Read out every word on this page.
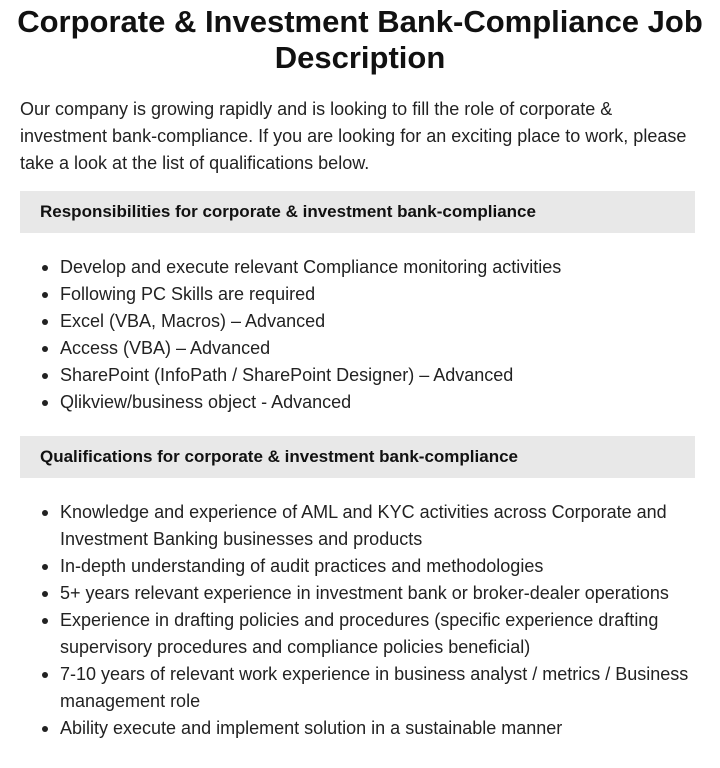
Corporate & Investment Bank-Compliance Job Description

Our company is growing rapidly and is looking to fill the role of corporate & investment bank-compliance. If you are looking for an exciting place to work, please take a look at the list of qualifications below.

Responsibilities for corporate & investment bank-compliance
Develop and execute relevant Compliance monitoring activities
Following PC Skills are required
Excel (VBA, Macros) – Advanced
Access (VBA) – Advanced
SharePoint (InfoPath / SharePoint Designer) – Advanced
Qlikview/business object - Advanced
Qualifications for corporate & investment bank-compliance
Knowledge and experience of AML and KYC activities across Corporate and Investment Banking businesses and products
In-depth understanding of audit practices and methodologies
5+ years relevant experience in investment bank or broker-dealer operations
Experience in drafting policies and procedures (specific experience drafting supervisory procedures and compliance policies beneficial)
7-10 years of relevant work experience in business analyst / metrics / Business management role
Ability execute and implement solution in a sustainable manner
